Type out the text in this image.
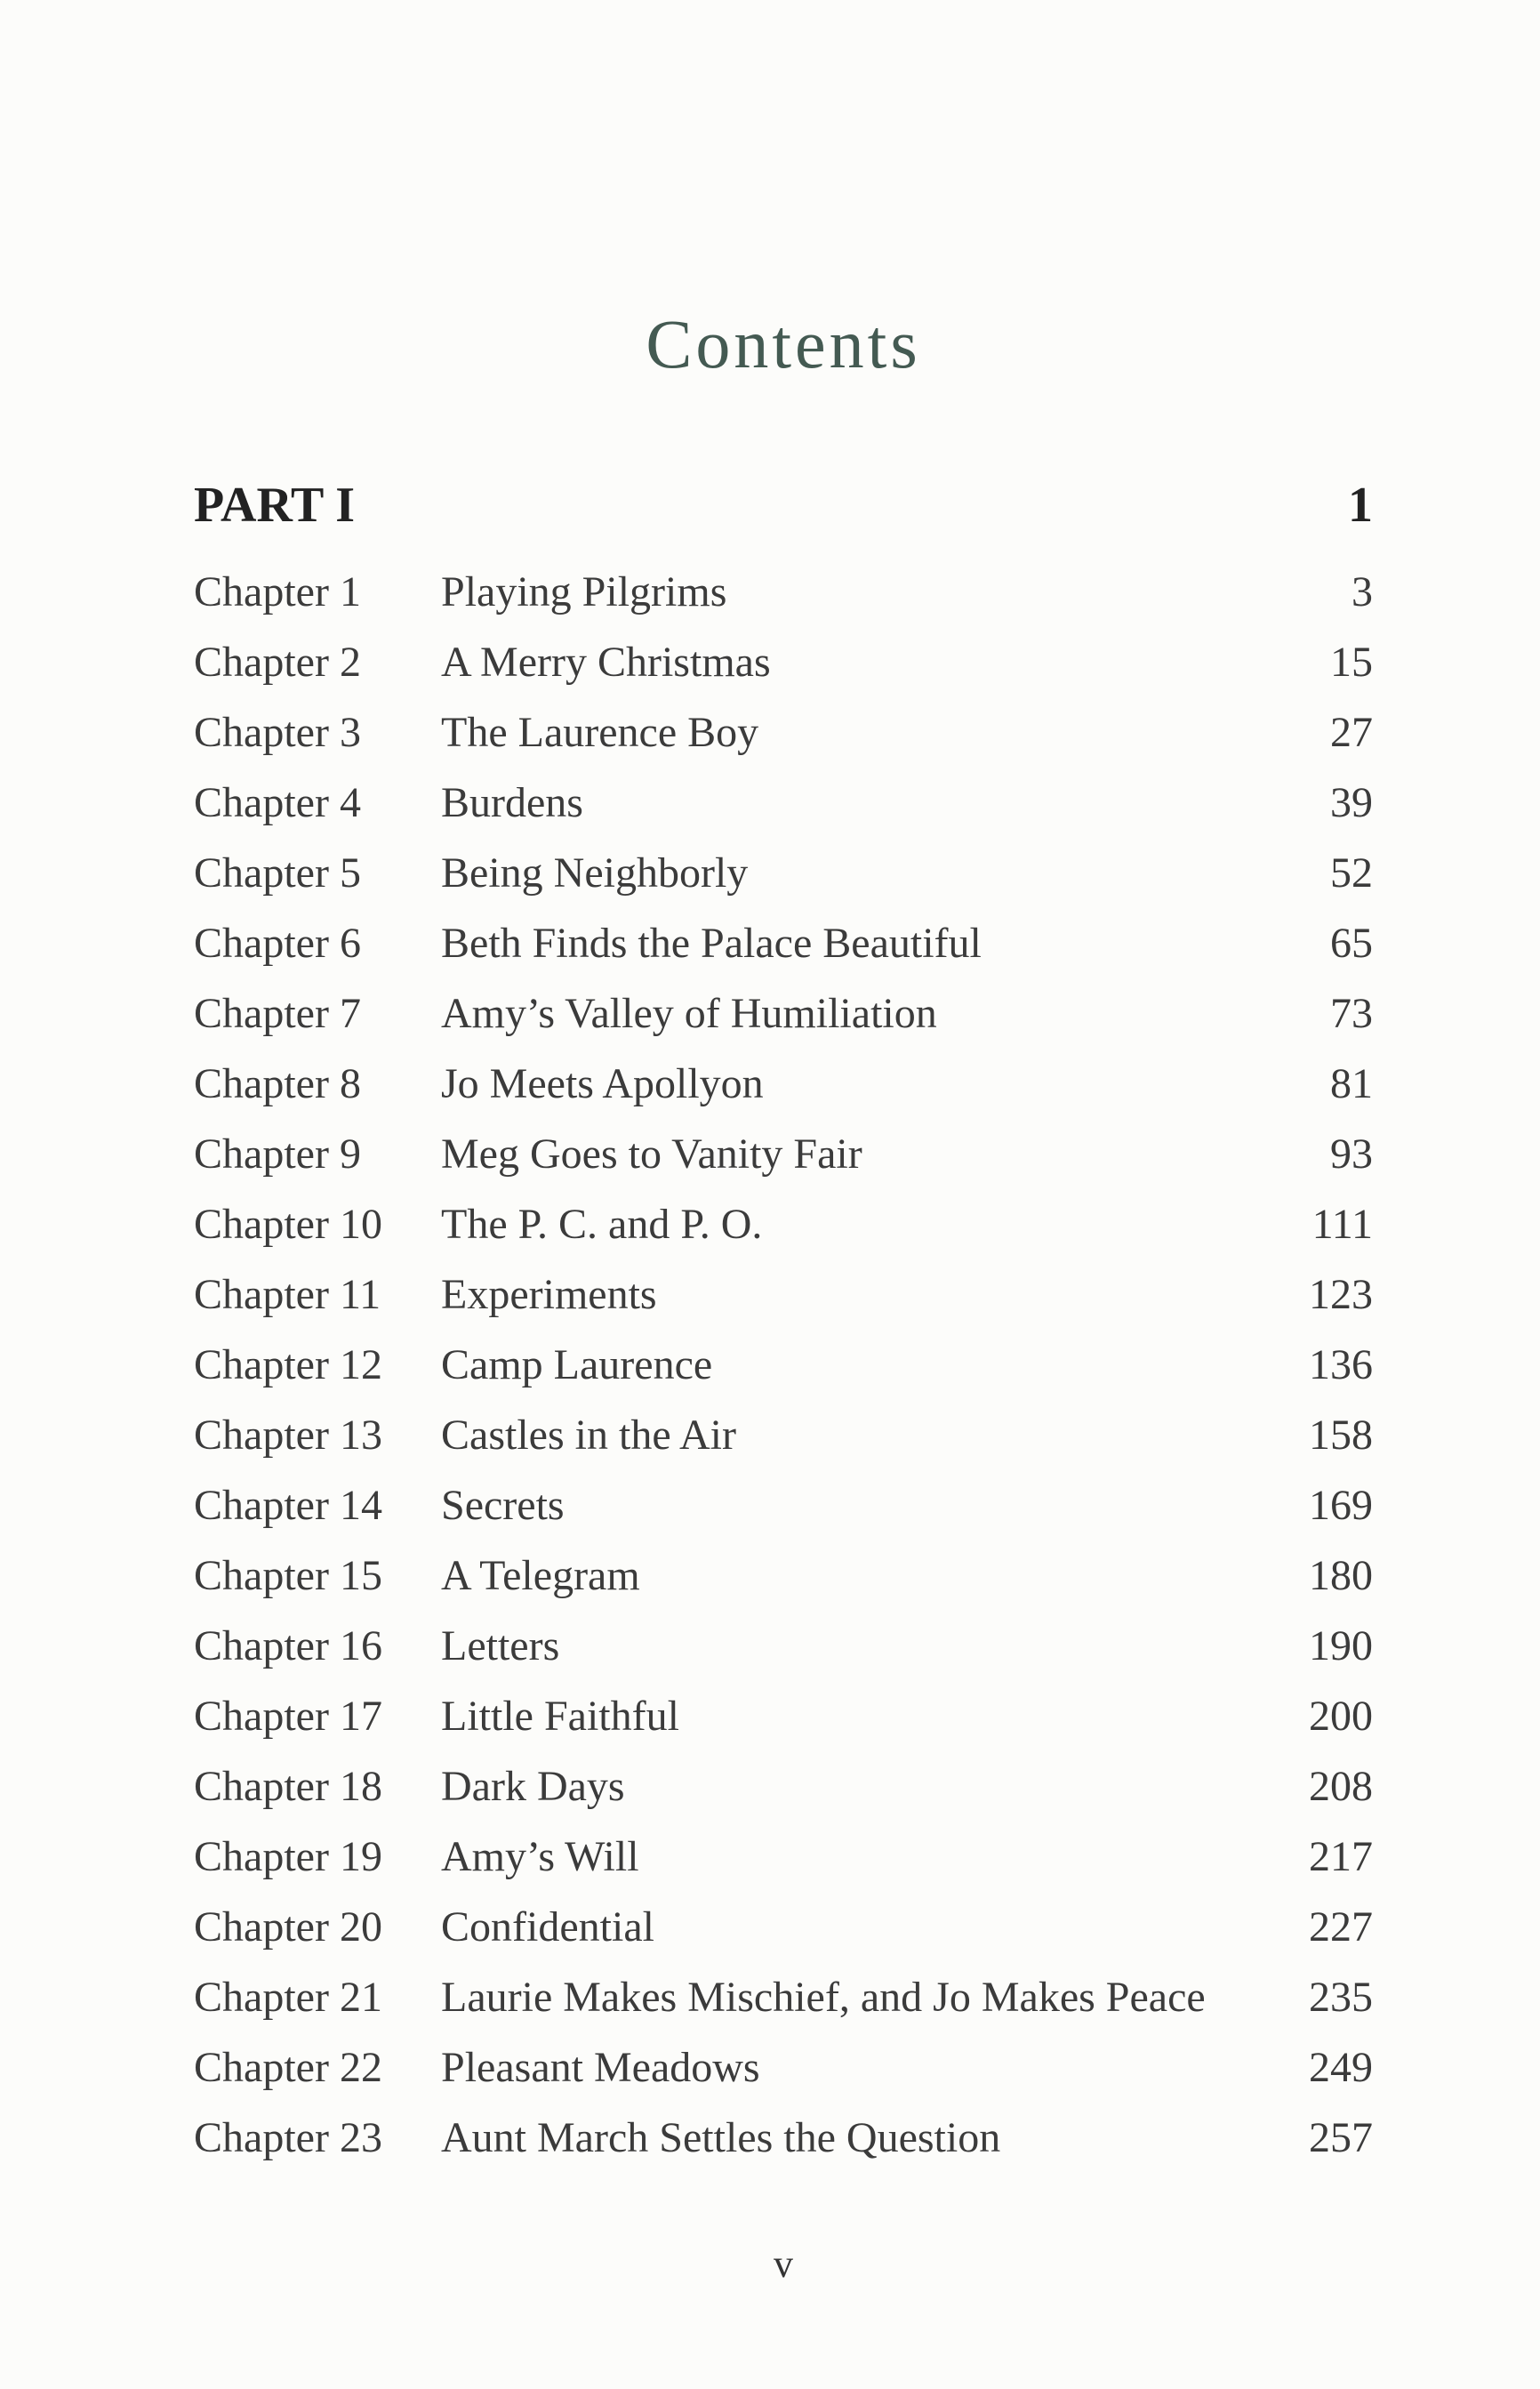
Contents
PART I	1
Chapter 1 Playing Pilgrims	3
Chapter 2 A Merry Christmas	15
Chapter 3 The Laurence Boy	27
Chapter 4 Burdens	39
Chapter 5 Being Neighborly	52
Chapter 6 Beth Finds the Palace Beautiful	65
Chapter 7 Amy’s Valley of Humiliation	73
Chapter 8 Jo Meets Apollyon	81
Chapter 9 Meg Goes to Vanity Fair	93
Chapter 10 The P. C. and P. O.	111
Chapter 11 Experiments	123
Chapter 12 Camp Laurence	136
Chapter 13 Castles in the Air	158
Chapter 14 Secrets	169
Chapter 15 A Telegram	180
Chapter 16 Letters	190
Chapter 17 Little Faithful	200
Chapter 18 Dark Days	208
Chapter 19 Amy’s Will	217
Chapter 20 Confidential	227
Chapter 21 Laurie Makes Mischief, and Jo Makes Peace 235
Chapter 22 Pleasant Meadows	249
Chapter 23 Aunt March Settles the Question	257
v
